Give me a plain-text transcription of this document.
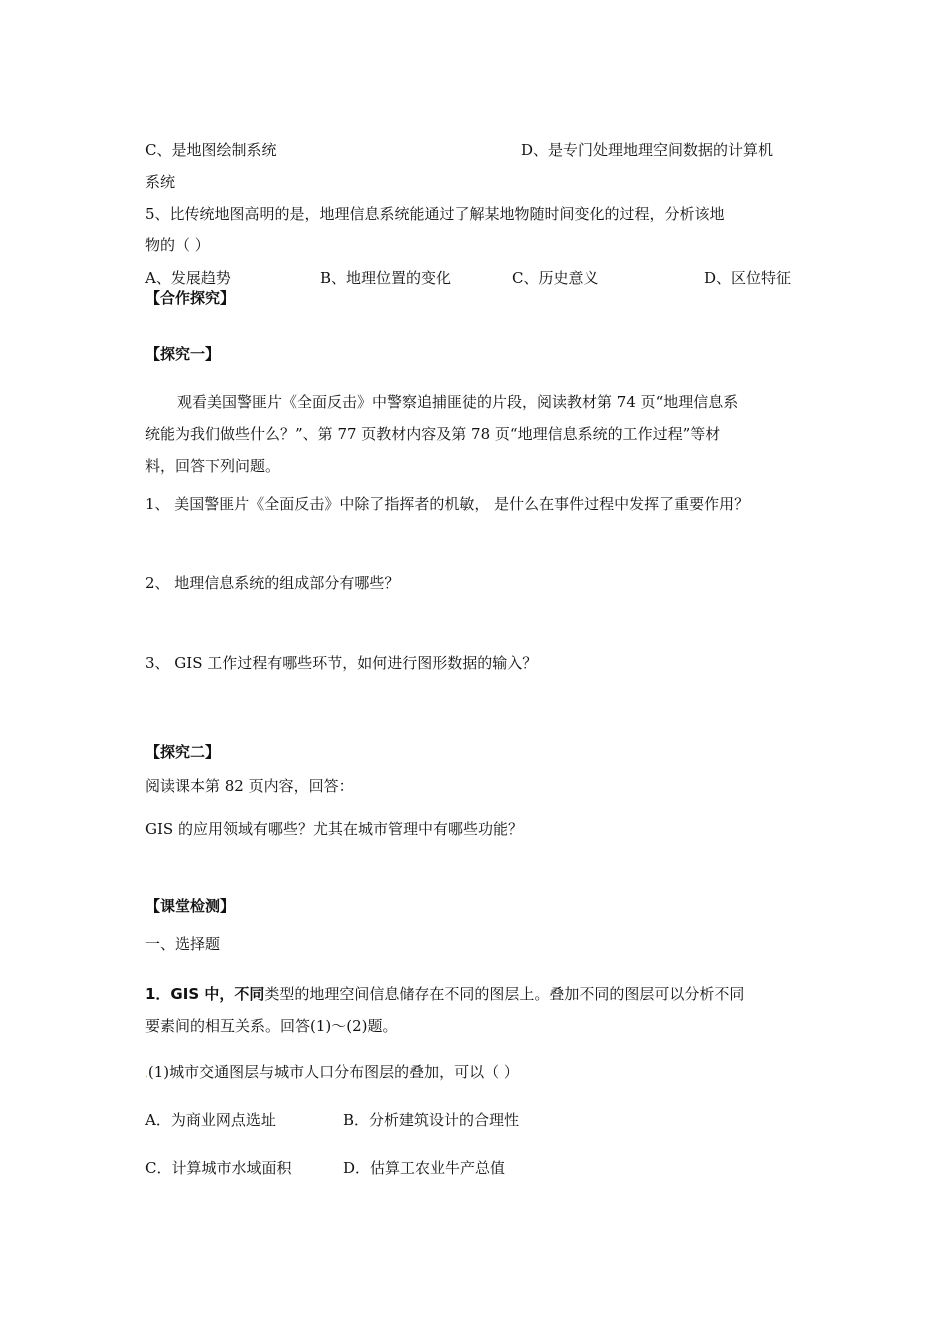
C、是地图绘制系统	D、是专门处理地理空间数据的计算机
系统
5、比传统地图高明的是，地理信息系统能通过了解某地物随时间变化的过程，分析该地
物的（ ）
A、发展趋势	B、地理位置的变化	C、历史意义	D、区位特征
【合作探究】
【探究一】
观看美国警匪片《全面反击》中警察追捕匪徒的片段，阅读教材第 74 页“地理信息系
统能为我们做些什么？”、第 77 页教材内容及第 78 页“地理信息系统的工作过程”等材
料，回答下列问题。
1、 美国警匪片《全面反击》中除了指挥者的机敏， 是什么在事件过程中发挥了重要作用？
2、 地理信息系统的组成部分有哪些？
3、 GIS 工作过程有哪些环节，如何进行图形数据的输入？
【探究二】
阅读课本第 82 页内容，回答：
GIS 的应用领域有哪些？尤其在城市管理中有哪些功能？
【课堂检测】
一、选择题
1．GIS 中，不同类型的地理空间信息储存在不同的图层上。叠加不同的图层可以分析不同
要素间的相互关系。回答(1)～(2)题。
.(1)城市交通图层与城市人口分布图层的叠加，可以（ ）
A．为商业网点选址	B．分析建筑设计的合理性
C．计算城市水域面积	D．估算工农业牛产总值
